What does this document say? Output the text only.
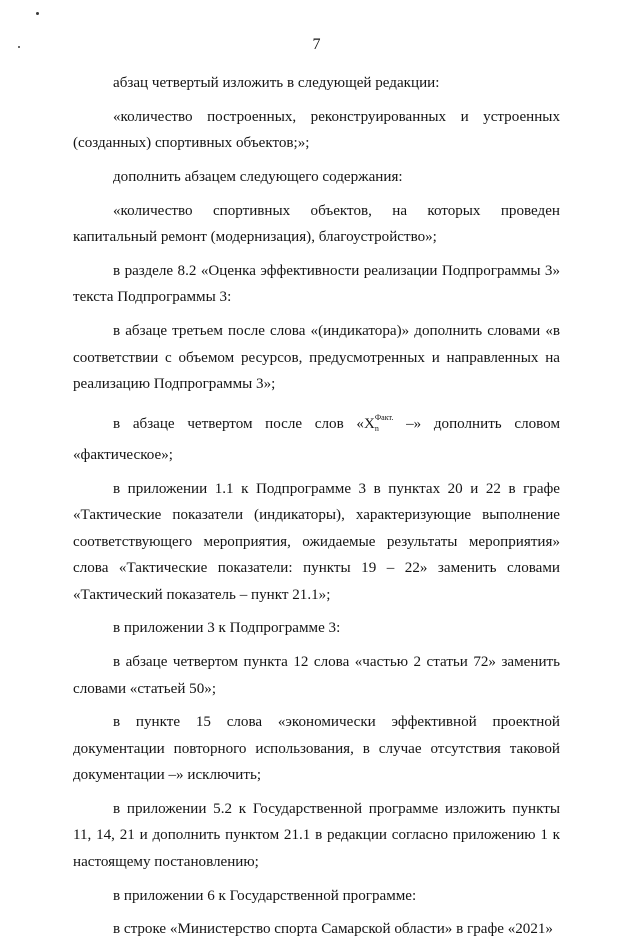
7

абзац четвертый изложить в следующей редакции:

«количество построенных, реконструированных и устроенных (созданных) спортивных объектов;»;

дополнить абзацем следующего содержания:

«количество спортивных объектов, на которых проведен капитальный ремонт (модернизация), благоустройство»;

в разделе 8.2 «Оценка эффективности реализации Подпрограммы 3» текста Подпрограммы 3:

в абзаце третьем после слова «(индикатора)» дополнить словами «в соответствии с объемом ресурсов, предусмотренных и направленных на реализацию Подпрограммы 3»;

в абзаце четвертом после слов «$X_n^{Факт.}$ –» дополнить словом «фактическое»;

в приложении 1.1 к Подпрограмме 3 в пунктах 20 и 22 в графе «Тактические показатели (индикаторы), характеризующие выполнение соответствующего мероприятия, ожидаемые результаты мероприятия» слова «Тактические показатели: пункты 19 – 22» заменить словами «Тактический показатель – пункт 21.1»;

в приложении 3 к Подпрограмме 3:

в абзаце четвертом пункта 12 слова «частью 2 статьи 72» заменить словами «статьей 50»;

в пункте 15 слова «экономически эффективной проектной документации повторного использования, в случае отсутствия таковой документации –» исключить;

в приложении 5.2 к Государственной программе изложить пункты 11, 14, 21 и дополнить пунктом 21.1 в редакции согласно приложению 1 к настоящему постановлению;

в приложении 6 к Государственной программе:

в строке «Министерство спорта Самарской области» в графе «2021»
